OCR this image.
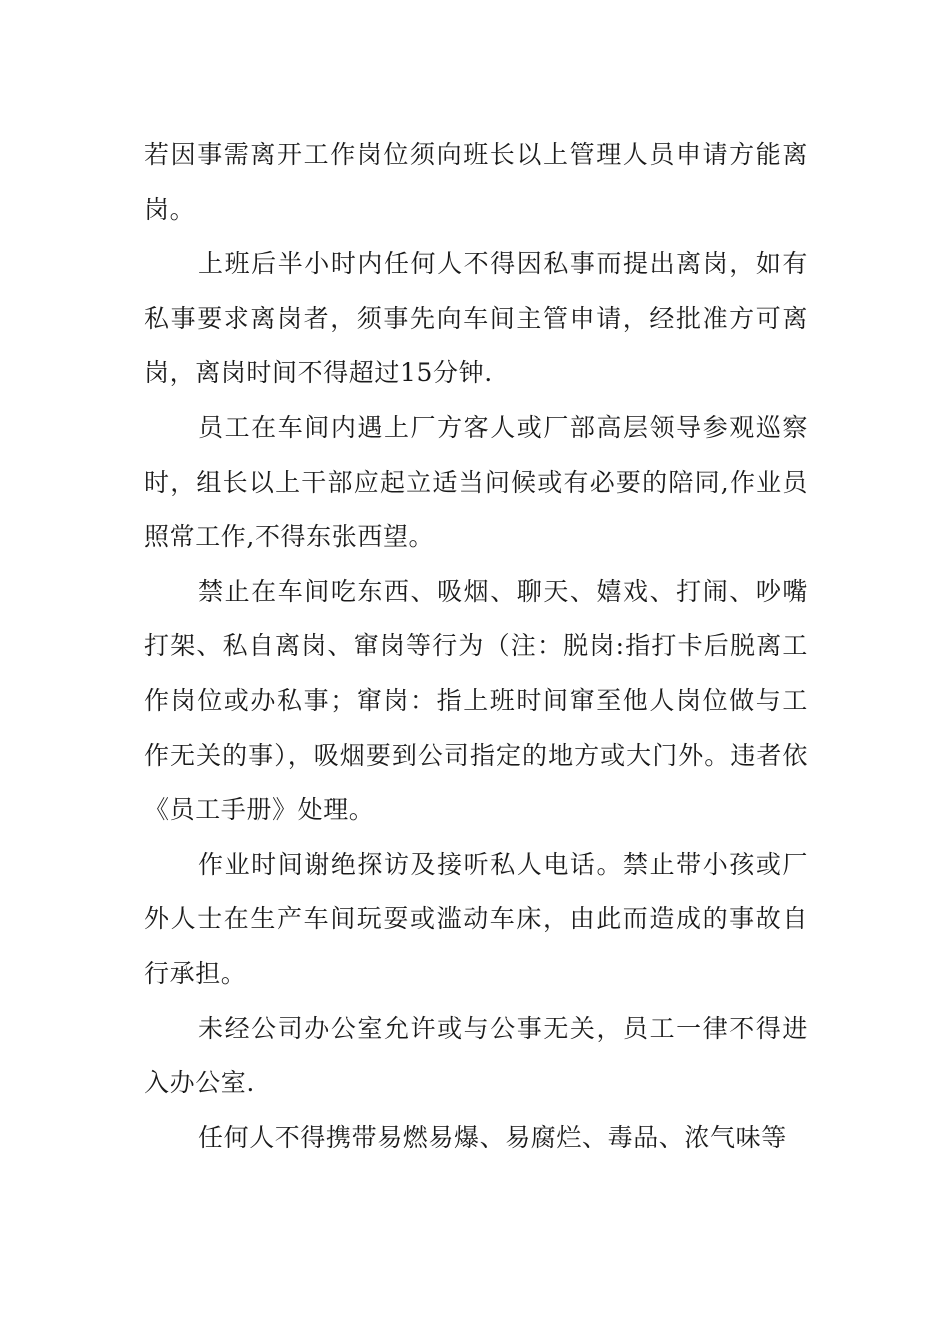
若因事需离开工作岗位须向班长以上管理人员申请方能离岗。

上班后半小时内任何人不得因私事而提出离岗，如有私事要求离岗者，须事先向车间主管申请，经批准方可离岗，离岗时间不得超过15分钟.

员工在车间内遇上厂方客人或厂部高层领导参观巡察时，组长以上干部应起立适当问候或有必要的陪同,作业员照常工作,不得东张西望。

禁止在车间吃东西、吸烟、聊天、嬉戏、打闹、吵嘴打架、私自离岗、窜岗等行为（注：脱岗:指打卡后脱离工作岗位或办私事；窜岗：指上班时间窜至他人岗位做与工作无关的事），吸烟要到公司指定的地方或大门外。违者依《员工手册》处理。

作业时间谢绝探访及接听私人电话。禁止带小孩或厂外人士在生产车间玩耍或滥动车床，由此而造成的事故自行承担。

未经公司办公室允许或与公事无关，员工一律不得进入办公室.

任何人不得携带易燃易爆、易腐烂、毒品、浓气味等
